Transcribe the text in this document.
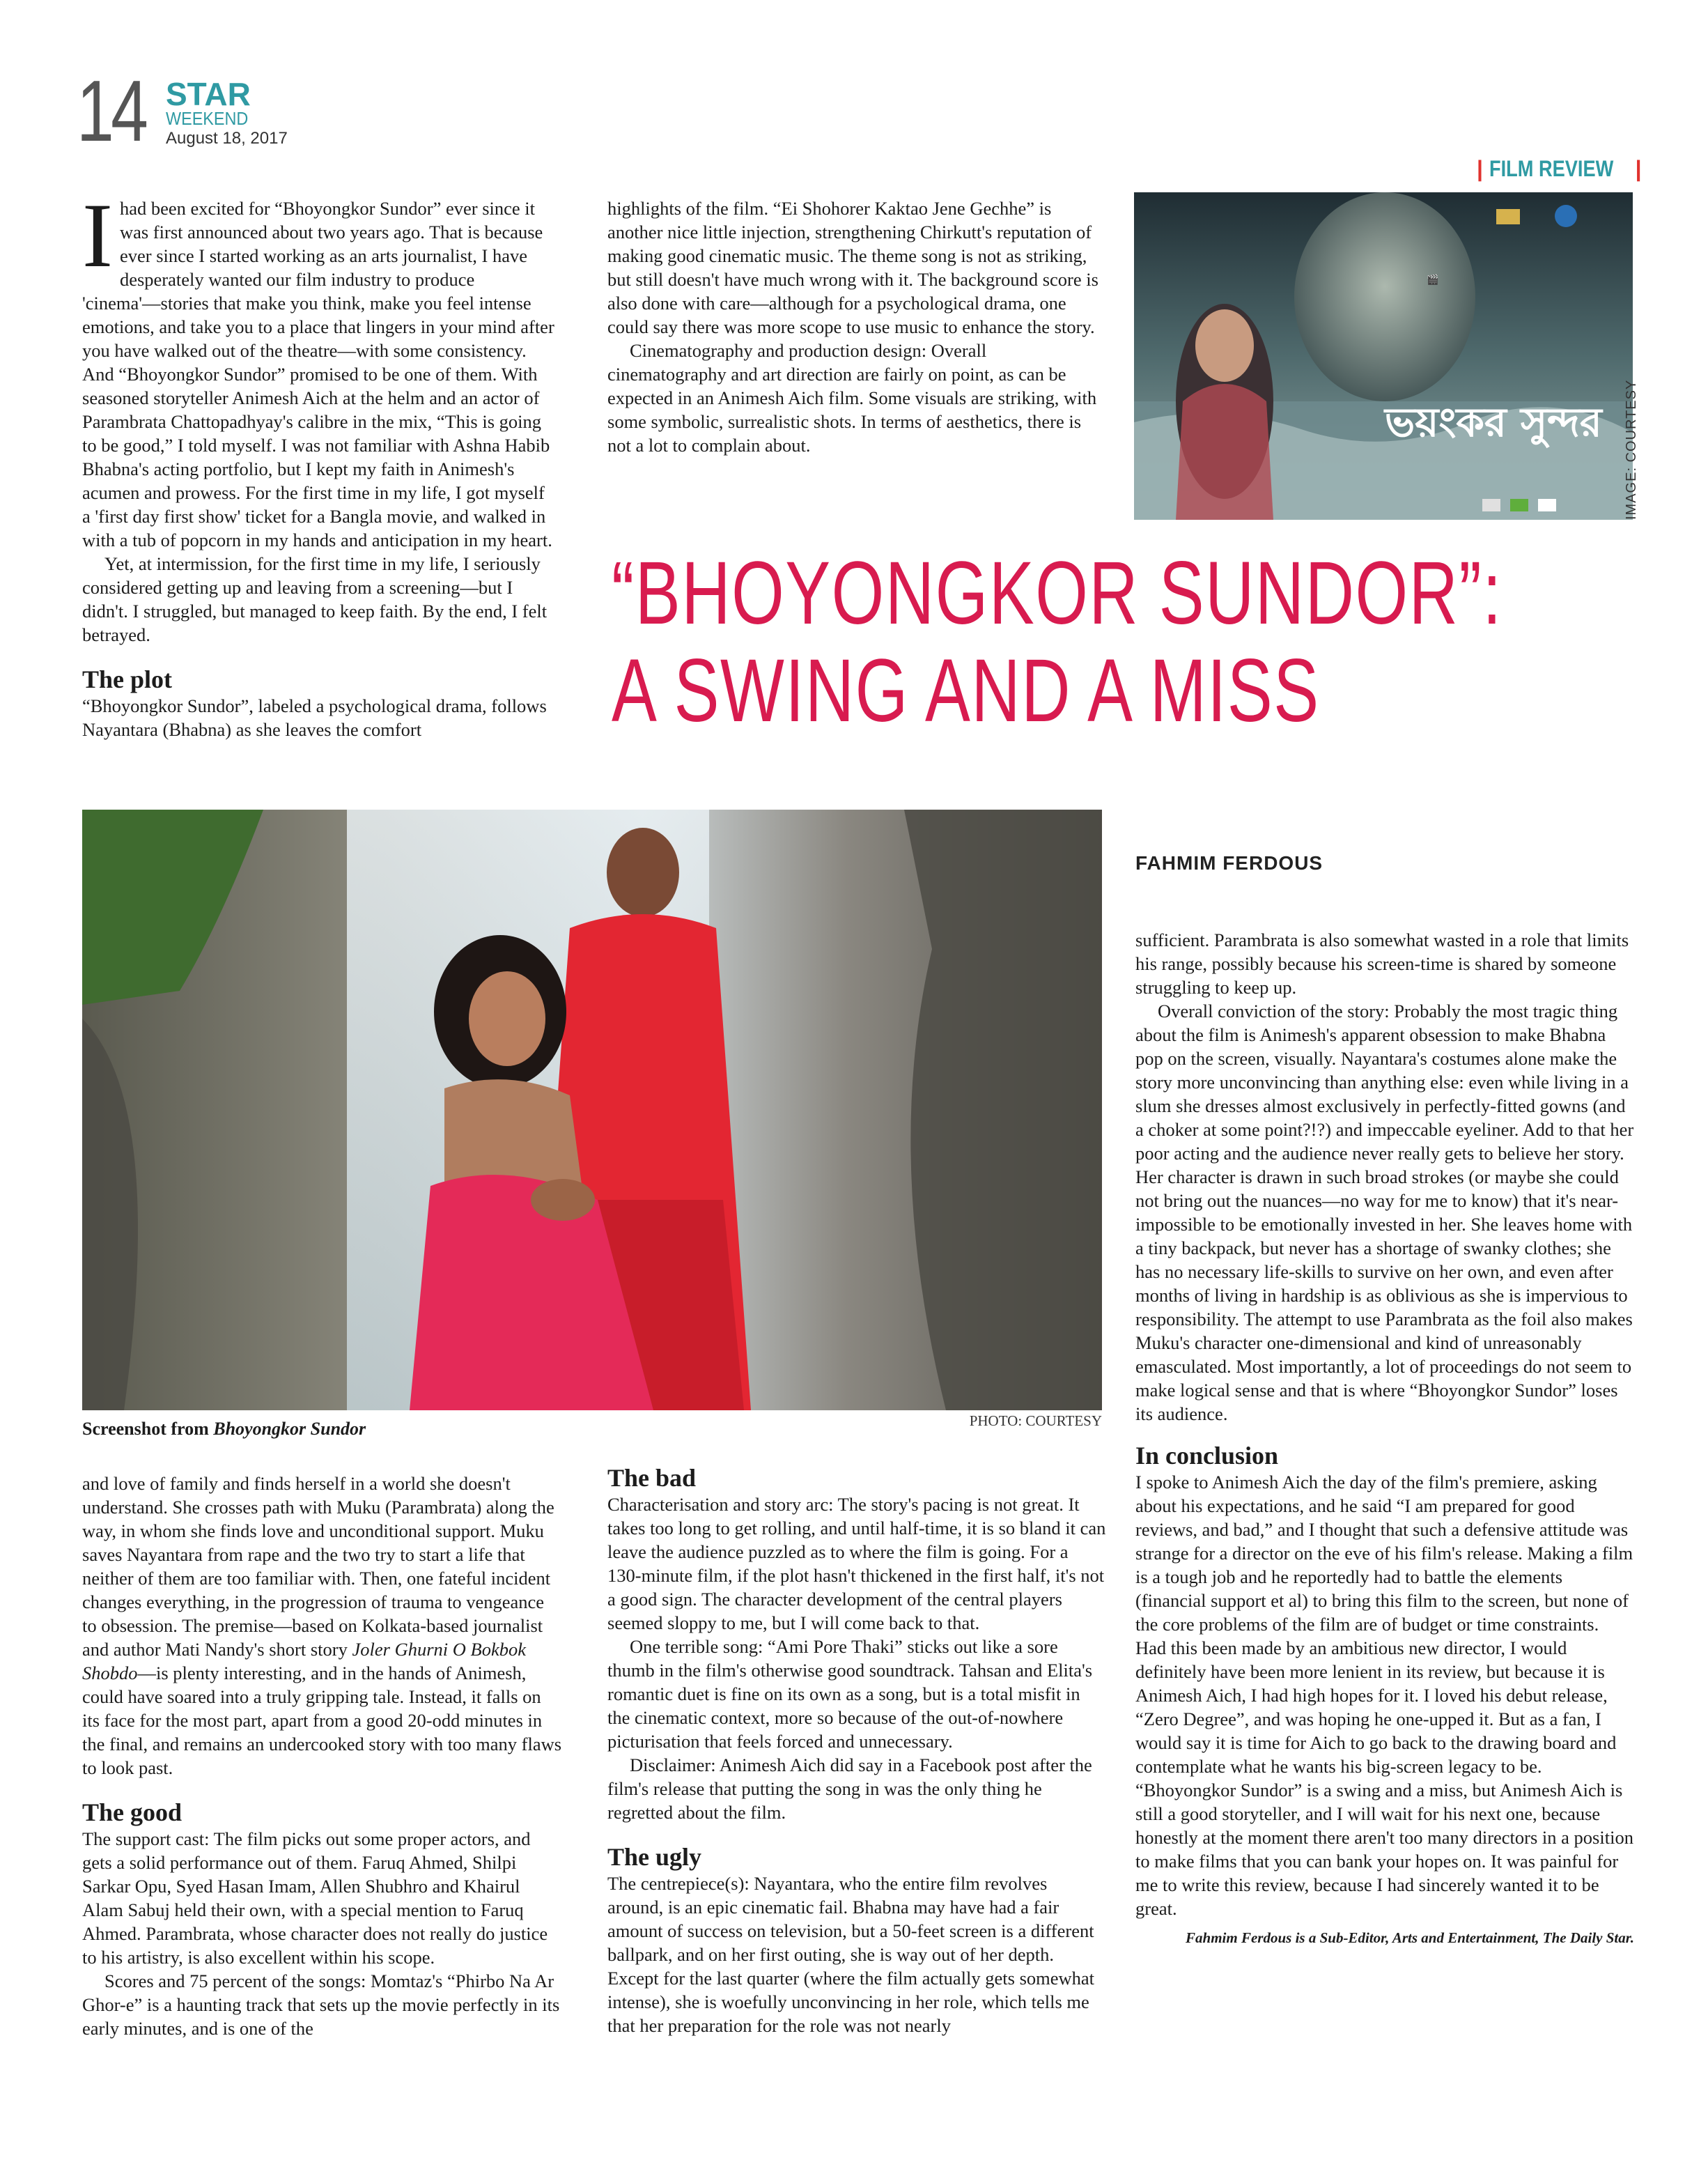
14 STAR
WEEKEND
August 18, 2017
| FILM REVIEW |

Ihad been excited for “Bhoyongkor Sundor” ever since it was first announced about two years ago. That is because ever since I started working as an arts journalist, I have desperately wanted our film industry to produce 'cinema'—stories that make you think, make you feel intense emotions, and take you to a place that lingers in your mind after you have walked out of the theatre—with some consistency. And “Bhoyongkor Sundor” promised to be one of them. With seasoned storyteller Animesh Aich at the helm and an actor of Parambrata Chattopadhyay's calibre in the mix, “This is going to be good,” I told myself. I was not familiar with Ashna Habib Bhabna's acting portfolio, but I kept my faith in Animesh's acumen and prowess. For the first time in my life, I got myself a 'first day first show' ticket for a Bangla movie, and walked in with a tub of popcorn in my hands and anticipation in my heart.

Yet, at intermission, for the first time in my life, I seriously considered getting up and leaving from a screening—but I didn't. I struggled, but managed to keep faith. By the end, I felt betrayed.

The plot

“Bhoyongkor Sundor”, labeled a psychological drama, follows Nayantara (Bhabna) as she leaves the comfort

highlights of the film. “Ei Shohorer Kaktao Jene Gechhe” is another nice little injection, strengthening Chirkutt's reputation of making good cinematic music. The theme song is not as striking, but still doesn't have much wrong with it. The background score is also done with care—although for a psychological drama, one could say there was more scope to use music to enhance the story.

Cinematography and production design: Overall cinematography and art direction are fairly on point, as can be expected in an Animesh Aich film. Some visuals are striking, with some symbolic, surrealistic shots. In terms of aesthetics, there is not a lot to complain about.

🎬
ভয়ংকর সুন্দর IMAGE: COURTESY
“BHOYONGKOR SUNDOR”:
A SWING AND A MISS
Screenshot from Bhoyongkor Sundor	PHOTO: COURTESY

and love of family and finds herself in a world she doesn't understand. She crosses path with Muku (Parambrata) along the way, in whom she finds love and unconditional support. Muku saves Nayantara from rape and the two try to start a life that neither of them are too familiar with. Then, one fateful incident changes everything, in the progression of trauma to vengeance to obsession. The premise—based on Kolkata-based journalist and author Mati Nandy's short story Joler Ghurni O Bokbok Shobdo—is plenty interesting, and in the hands of Animesh, could have soared into a truly gripping tale. Instead, it falls on its face for the most part, apart from a good 20-odd minutes in the final, and remains an undercooked story with too many flaws to look past.

The good

The support cast: The film picks out some proper actors, and gets a solid performance out of them. Faruq Ahmed, Shilpi Sarkar Opu, Syed Hasan Imam, Allen Shubhro and Khairul Alam Sabuj held their own, with a special mention to Faruq Ahmed. Parambrata, whose character does not really do justice to his artistry, is also excellent within his scope.

Scores and 75 percent of the songs: Momtaz's “Phirbo Na Ar Ghor-e” is a haunting track that sets up the movie perfectly in its early minutes, and is one of the

The bad

Characterisation and story arc: The story's pacing is not great. It takes too long to get rolling, and until half-time, it is so bland it can leave the audience puzzled as to where the film is going. For a 130-minute film, if the plot hasn't thickened in the first half, it's not a good sign. The character development of the central players seemed sloppy to me, but I will come back to that.

One terrible song: “Ami Pore Thaki” sticks out like a sore thumb in the film's otherwise good soundtrack. Tahsan and Elita's romantic duet is fine on its own as a song, but is a total misfit in the cinematic context, more so because of the out-of-nowhere picturisation that feels forced and unnecessary.

Disclaimer: Animesh Aich did say in a Facebook post after the film's release that putting the song in was the only thing he regretted about the film.

The ugly

The centrepiece(s): Nayantara, who the entire film revolves around, is an epic cinematic fail. Bhabna may have had a fair amount of success on television, but a 50-feet screen is a different ballpark, and on her first outing, she is way out of her depth. Except for the last quarter (where the film actually gets somewhat intense), she is woefully unconvincing in her role, which tells me that her preparation for the role was not nearly

FAHMIM FERDOUS

sufficient. Parambrata is also somewhat wasted in a role that limits his range, possibly because his screen-time is shared by someone struggling to keep up.

Overall conviction of the story: Probably the most tragic thing about the film is Animesh's apparent obsession to make Bhabna pop on the screen, visually. Nayantara's costumes alone make the story more unconvincing than anything else: even while living in a slum she dresses almost exclusively in perfectly-fitted gowns (and a choker at some point?!?) and impeccable eyeliner. Add to that her poor acting and the audience never really gets to believe her story. Her character is drawn in such broad strokes (or maybe she could not bring out the nuances—no way for me to know) that it's near-impossible to be emotionally invested in her. She leaves home with a tiny backpack, but never has a shortage of swanky clothes; she has no necessary life-skills to survive on her own, and even after months of living in hardship is as oblivious as she is impervious to responsibility. The attempt to use Parambrata as the foil also makes Muku's character one-dimensional and kind of unreasonably emasculated. Most importantly, a lot of proceedings do not seem to make logical sense and that is where “Bhoyongkor Sundor” loses its audience.

In conclusion

I spoke to Animesh Aich the day of the film's premiere, asking about his expectations, and he said “I am prepared for good reviews, and bad,” and I thought that such a defensive attitude was strange for a director on the eve of his film's release. Making a film is a tough job and he reportedly had to battle the elements (financial support et al) to bring this film to the screen, but none of the core problems of the film are of budget or time constraints. Had this been made by an ambitious new director, I would definitely have been more lenient in its review, but because it is Animesh Aich, I had high hopes for it. I loved his debut release, “Zero Degree”, and was hoping he one-upped it. But as a fan, I would say it is time for Aich to go back to the drawing board and contemplate what he wants his big-screen legacy to be. “Bhoyongkor Sundor” is a swing and a miss, but Animesh Aich is still a good storyteller, and I will wait for his next one, because honestly at the moment there aren't too many directors in a position to make films that you can bank your hopes on. It was painful for me to write this review, because I had sincerely wanted it to be great.

Fahmim Ferdous is a Sub-Editor, Arts and Entertainment, The Daily Star.
